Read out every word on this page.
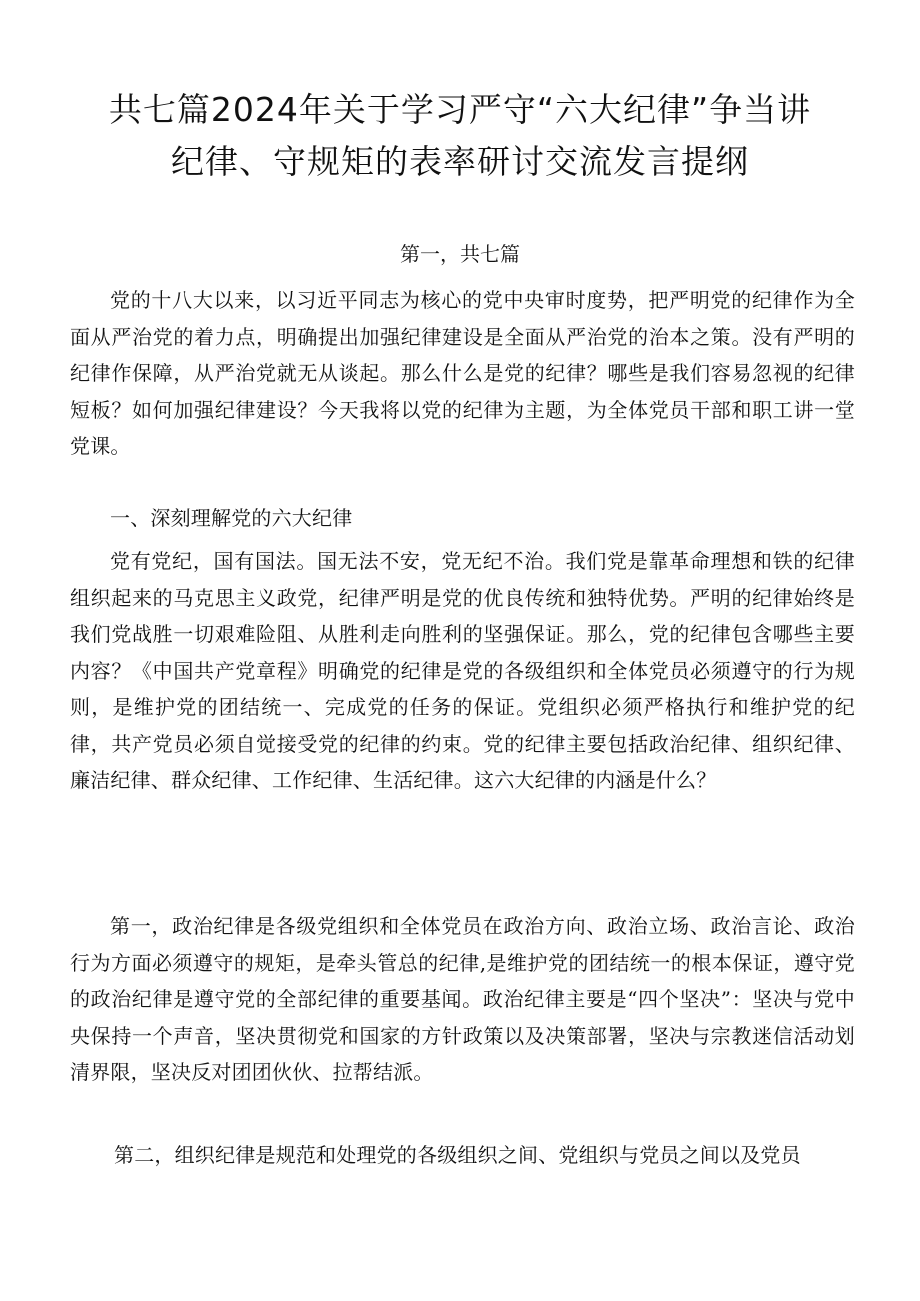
共七篇2024年关于学习严守“六大纪律”争当讲
纪律、守规矩的表率研讨交流发言提纲
第一，共七篇

党的十八大以来，以习近平同志为核心的党中央审时度势，把严明党的纪律作为全面从严治党的着力点，明确提出加强纪律建设是全面从严治党的治本之策。没有严明的纪律作保障，从严治党就无从谈起。那么什么是党的纪律？哪些是我们容易忽视的纪律短板？如何加强纪律建设？今天我将以党的纪律为主题，为全体党员干部和职工讲一堂党课。

一、深刻理解党的六大纪律

党有党纪，国有国法。国无法不安，党无纪不治。我们党是靠革命理想和铁的纪律组织起来的马克思主义政党，纪律严明是党的优良传统和独特优势。严明的纪律始终是我们党战胜一切艰难险阻、从胜利走向胜利的坚强保证。那么，党的纪律包含哪些主要内容？《中国共产党章程》明确党的纪律是党的各级组织和全体党员必须遵守的行为规则，是维护党的团结统一、完成党的任务的保证。党组织必须严格执行和维护党的纪律，共产党员必须自觉接受党的纪律的约束。党的纪律主要包括政治纪律、组织纪律、廉洁纪律、群众纪律、工作纪律、生活纪律。这六大纪律的内涵是什么？

第一，政治纪律是各级党组织和全体党员在政治方向、政治立场、政治言论、政治行为方面必须遵守的规矩，是牵头管总的纪律,是维护党的团结统一的根本保证，遵守党的政治纪律是遵守党的全部纪律的重要基闻。政治纪律主要是“四个坚决”：坚决与党中央保持一个声音，坚决贯彻党和国家的方针政策以及决策部署，坚决与宗教迷信活动划清界限，坚决反对团团伙伙、拉帮结派。

第二，组织纪律是规范和处理党的各级组织之间、党组织与党员之间以及党员
